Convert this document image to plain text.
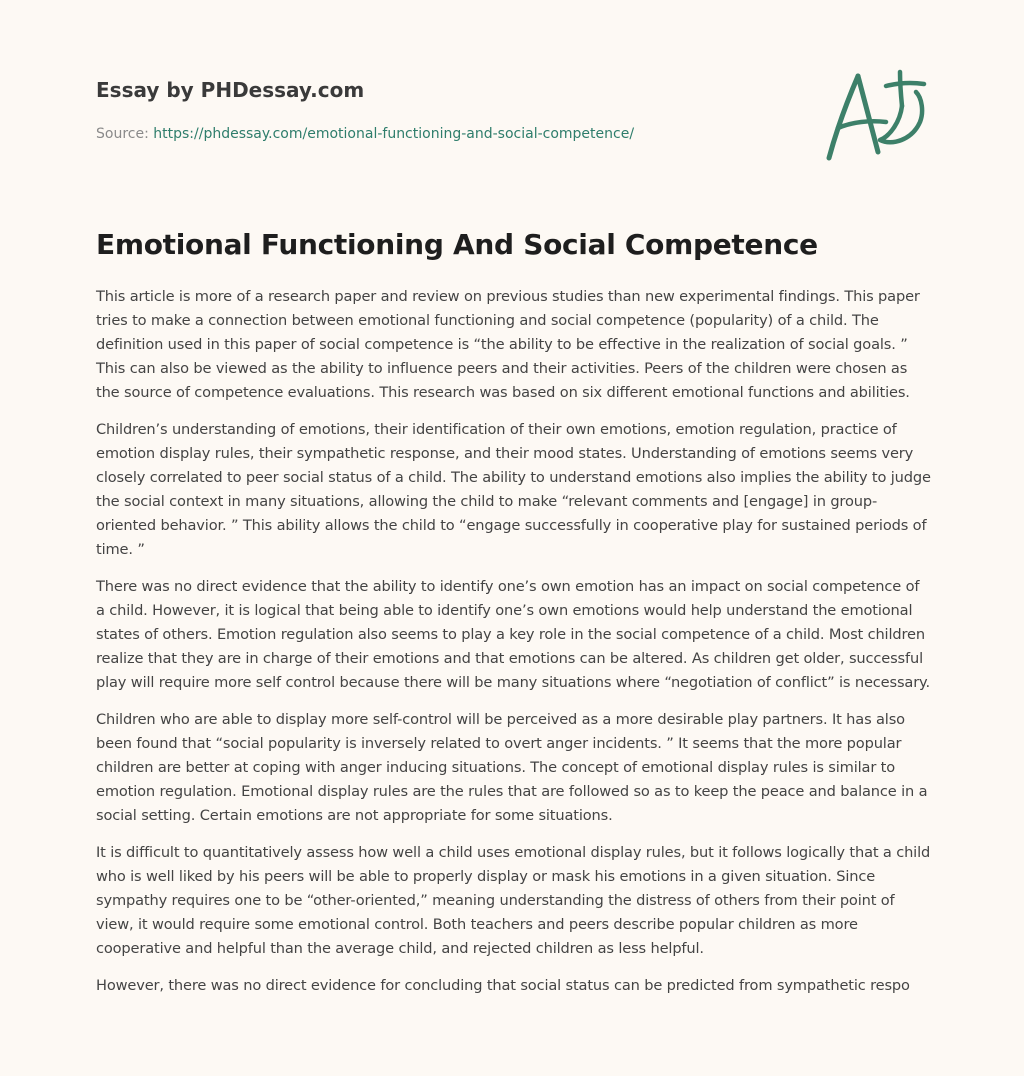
Essay by PHDessay.com
Source: https://phdessay.com/emotional-functioning-and-social-competence/
Emotional Functioning And Social Competence

This article is more of a research paper and review on previous studies than new experimental findings. This paper tries to make a connection between emotional functioning and social competence (popularity) of a child. The definition used in this paper of social competence is “the ability to be effective in the realization of social goals. ” This can also be viewed as the ability to influence peers and their activities. Peers of the children were chosen as the source of competence evaluations. This research was based on six different emotional functions and abilities.

Children’s understanding of emotions, their identification of their own emotions, emotion regulation, practice of emotion display rules, their sympathetic response, and their mood states. Understanding of emotions seems very closely correlated to peer social status of a child. The ability to understand emotions also implies the ability to judge the social context in many situations, allowing the child to make “relevant comments and [engage] in group-oriented behavior. ” This ability allows the child to “engage successfully in cooperative play for sustained periods of time. ”

There was no direct evidence that the ability to identify one’s own emotion has an impact on social competence of a child. However, it is logical that being able to identify one’s own emotions would help understand the emotional states of others. Emotion regulation also seems to play a key role in the social competence of a child. Most children realize that they are in charge of their emotions and that emotions can be altered. As children get older, successful play will require more self control because there will be many situations where “negotiation of conflict” is necessary.

Children who are able to display more self-control will be perceived as a more desirable play partners. It has also been found that “social popularity is inversely related to overt anger incidents. ” It seems that the more popular children are better at coping with anger inducing situations. The concept of emotional display rules is similar to emotion regulation. Emotional display rules are the rules that are followed so as to keep the peace and balance in a social setting. Certain emotions are not appropriate for some situations.

It is difficult to quantitatively assess how well a child uses emotional display rules, but it follows logically that a child who is well liked by his peers will be able to properly display or mask his emotions in a given situation. Since sympathy requires one to be “other-oriented,” meaning understanding the distress of others from their point of view, it would require some emotional control. Both teachers and peers describe popular children as more cooperative and helpful than the average child, and rejected children as less helpful.

However, there was no direct evidence for concluding that social status can be predicted from sympathetic respo
